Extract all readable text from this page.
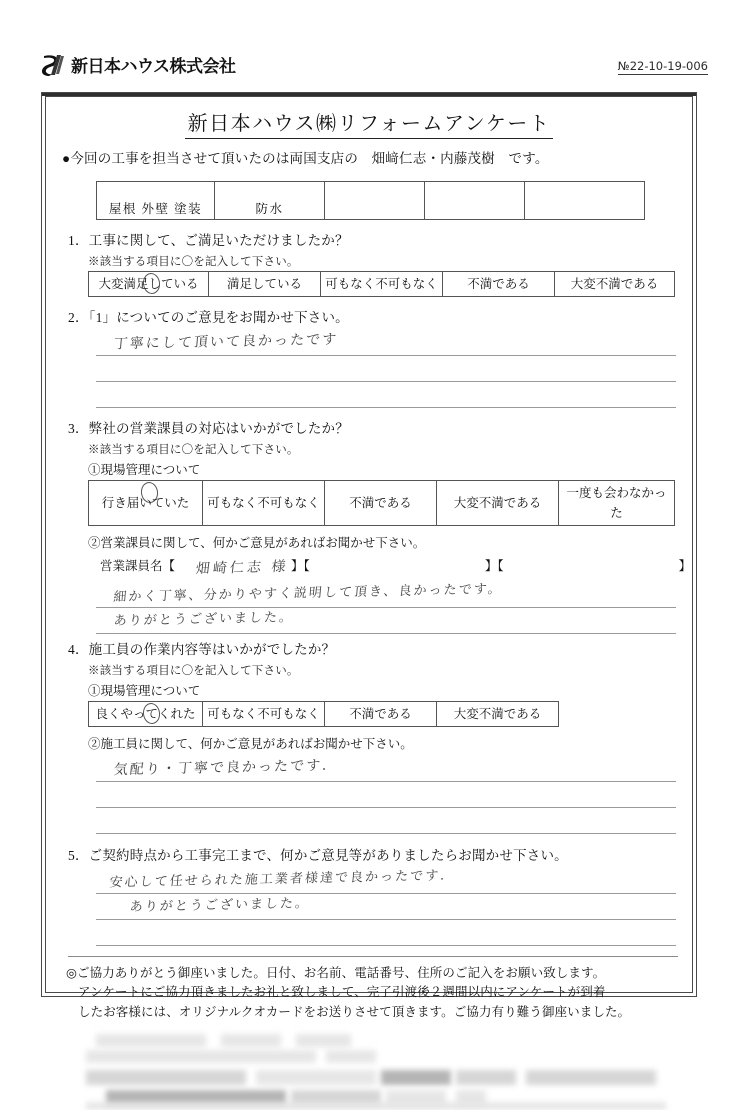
新日本ハウス株式会社	№22-10-19-006
新日本ハウス㈱リフォームアンケート
●今回の工事を担当させて頂いたのは両国支店の 畑﨑仁志・内藤茂樹 です。
屋根 外壁 塗装	防水			
1．工事に関して、ご満足いただけましたか？
※該当する項目に〇を記入して下さい。
大変満足している	満足している	可もなく不可もなく	不満である	大変不満である
2．「1」についてのご意見をお聞かせ下さい。
丁寧にして頂いて良かったです
3．弊社の営業課員の対応はいかがでしたか？
※該当する項目に〇を記入して下さい。
①現場管理について
行き届いていた	可もなく不可もなく	不満である	大変不満である	一度も会わなかった
②営業課員に関して、何かご意見があればお聞かせ下さい。
営業課員名【	】【	】【	】
畑崎仁志 様
細かく丁寧、分かりやすく説明して頂き、良かったです。
ありがとうございました。
4．施工員の作業内容等はいかがでしたか？
※該当する項目に〇を記入して下さい。
①現場管理について
良くやってくれた	可もなく不可もなく	不満である	大変不満である
②施工員に関して、何かご意見があればお聞かせ下さい。
気配り・丁寧で良かったです.
5．ご契約時点から工事完工まで、何かご意見等がありましたらお聞かせ下さい。
安心して任せられた施工業者様達で良かったです.
ありがとうございました。

◎ご協力ありがとう御座いました。日付、お名前、電話番号、住所のご記入をお願い致します。

アンケートにご協力頂きましたお礼と致しまして、完了引渡後２週間以内にアンケートが到着

したお客様には、オリジナルクオカードをお送りさせて頂きます。ご協力有り難う御座いました。
